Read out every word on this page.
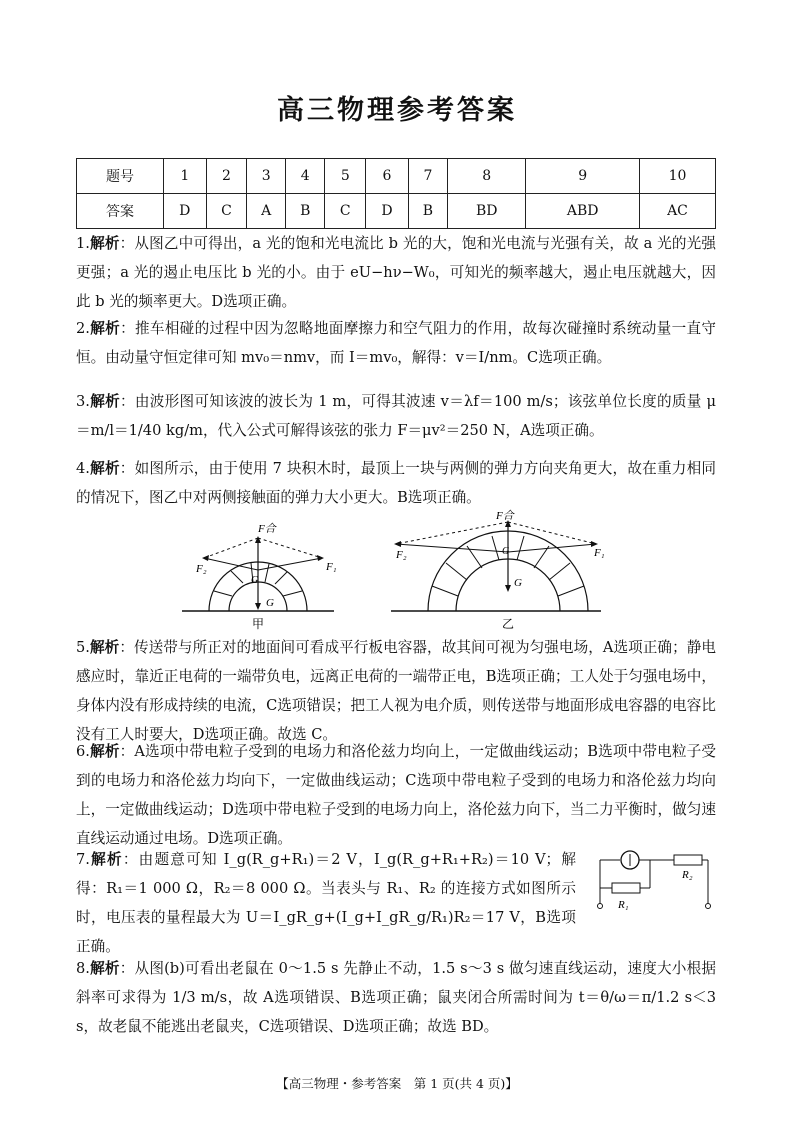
高三物理参考答案
题号	1	2	3	4	5	6	7	8	9	10
答案	D	C	A	B	C	D	B	BD	ABD	AC
1.解析：从图乙中可得出，a 光的饱和光电流比 b 光的大，饱和光电流与光强有关，故 a 光的光强更强；a 光的遏止电压比 b 光的小。由于 eU−hν−W₀，可知光的频率越大，遏止电压就越大，因此 b 光的频率更大。D选项正确。
2.解析：推车相碰的过程中因为忽略地面摩擦力和空气阻力的作用，故每次碰撞时系统动量一直守恒。由动量守恒定律可知 mv₀＝nmv，而 I＝mv₀，解得：v＝I/nm。C选项正确。
3.解析：由波形图可知该波的波长为 1 m，可得其波速 v＝λf＝100 m/s；该弦单位长度的质量 μ＝m/l＝1/40 kg/m，代入公式可解得该弦的张力 F＝μv²＝250 N，A选项正确。
4.解析：如图所示，由于使用 7 块积木时，最顶上一块与两侧的弹力方向夹角更大，故在重力相同的情况下，图乙中对两侧接触面的弹力大小更大。B选项正确。
F合
F₂	F₁
G
G
甲
F合
F₂	F₁
G
G
乙
5.解析：传送带与所正对的地面间可看成平行板电容器，故其间可视为匀强电场，A选项正确；静电感应时，靠近正电荷的一端带负电，远离正电荷的一端带正电，B选项正确；工人处于匀强电场中，身体内没有形成持续的电流，C选项错误；把工人视为电介质，则传送带与地面形成电容器的电容比没有工人时要大，D选项正确。故选 C。
6.解析：A选项中带电粒子受到的电场力和洛伦兹力均向上，一定做曲线运动；B选项中带电粒子受到的电场力和洛伦兹力均向下，一定做曲线运动；C选项中带电粒子受到的电场力和洛伦兹力均向上，一定做曲线运动；D选项中带电粒子受到的电场力向上，洛伦兹力向下，当二力平衡时，做匀速直线运动通过电场。D选项正确。
7.解析：由题意可知 I_g(R_g+R₁)＝2 V，I_g(R_g+R₁+R₂)＝10 V；解得：R₁＝1 000 Ω，R₂＝8 000 Ω。当表头与 R₁、R₂ 的连接方式如图所示时，电压表的量程最大为 U＝I_gR_g+(I_g+I_gR_g/R₁)R₂＝17 V，B选项正确。
R₂
R₁
8.解析：从图(b)可看出老鼠在 0～1.5 s 先静止不动，1.5 s～3 s 做匀速直线运动，速度大小根据斜率可求得为 1/3 m/s，故 A选项错误、B选项正确；鼠夹闭合所需时间为 t＝θ/ω＝π/1.2 s＜3 s，故老鼠不能逃出老鼠夹，C选项错误、D选项正确；故选 BD。
【高三物理・参考答案　第 1 页(共 4 页)】
